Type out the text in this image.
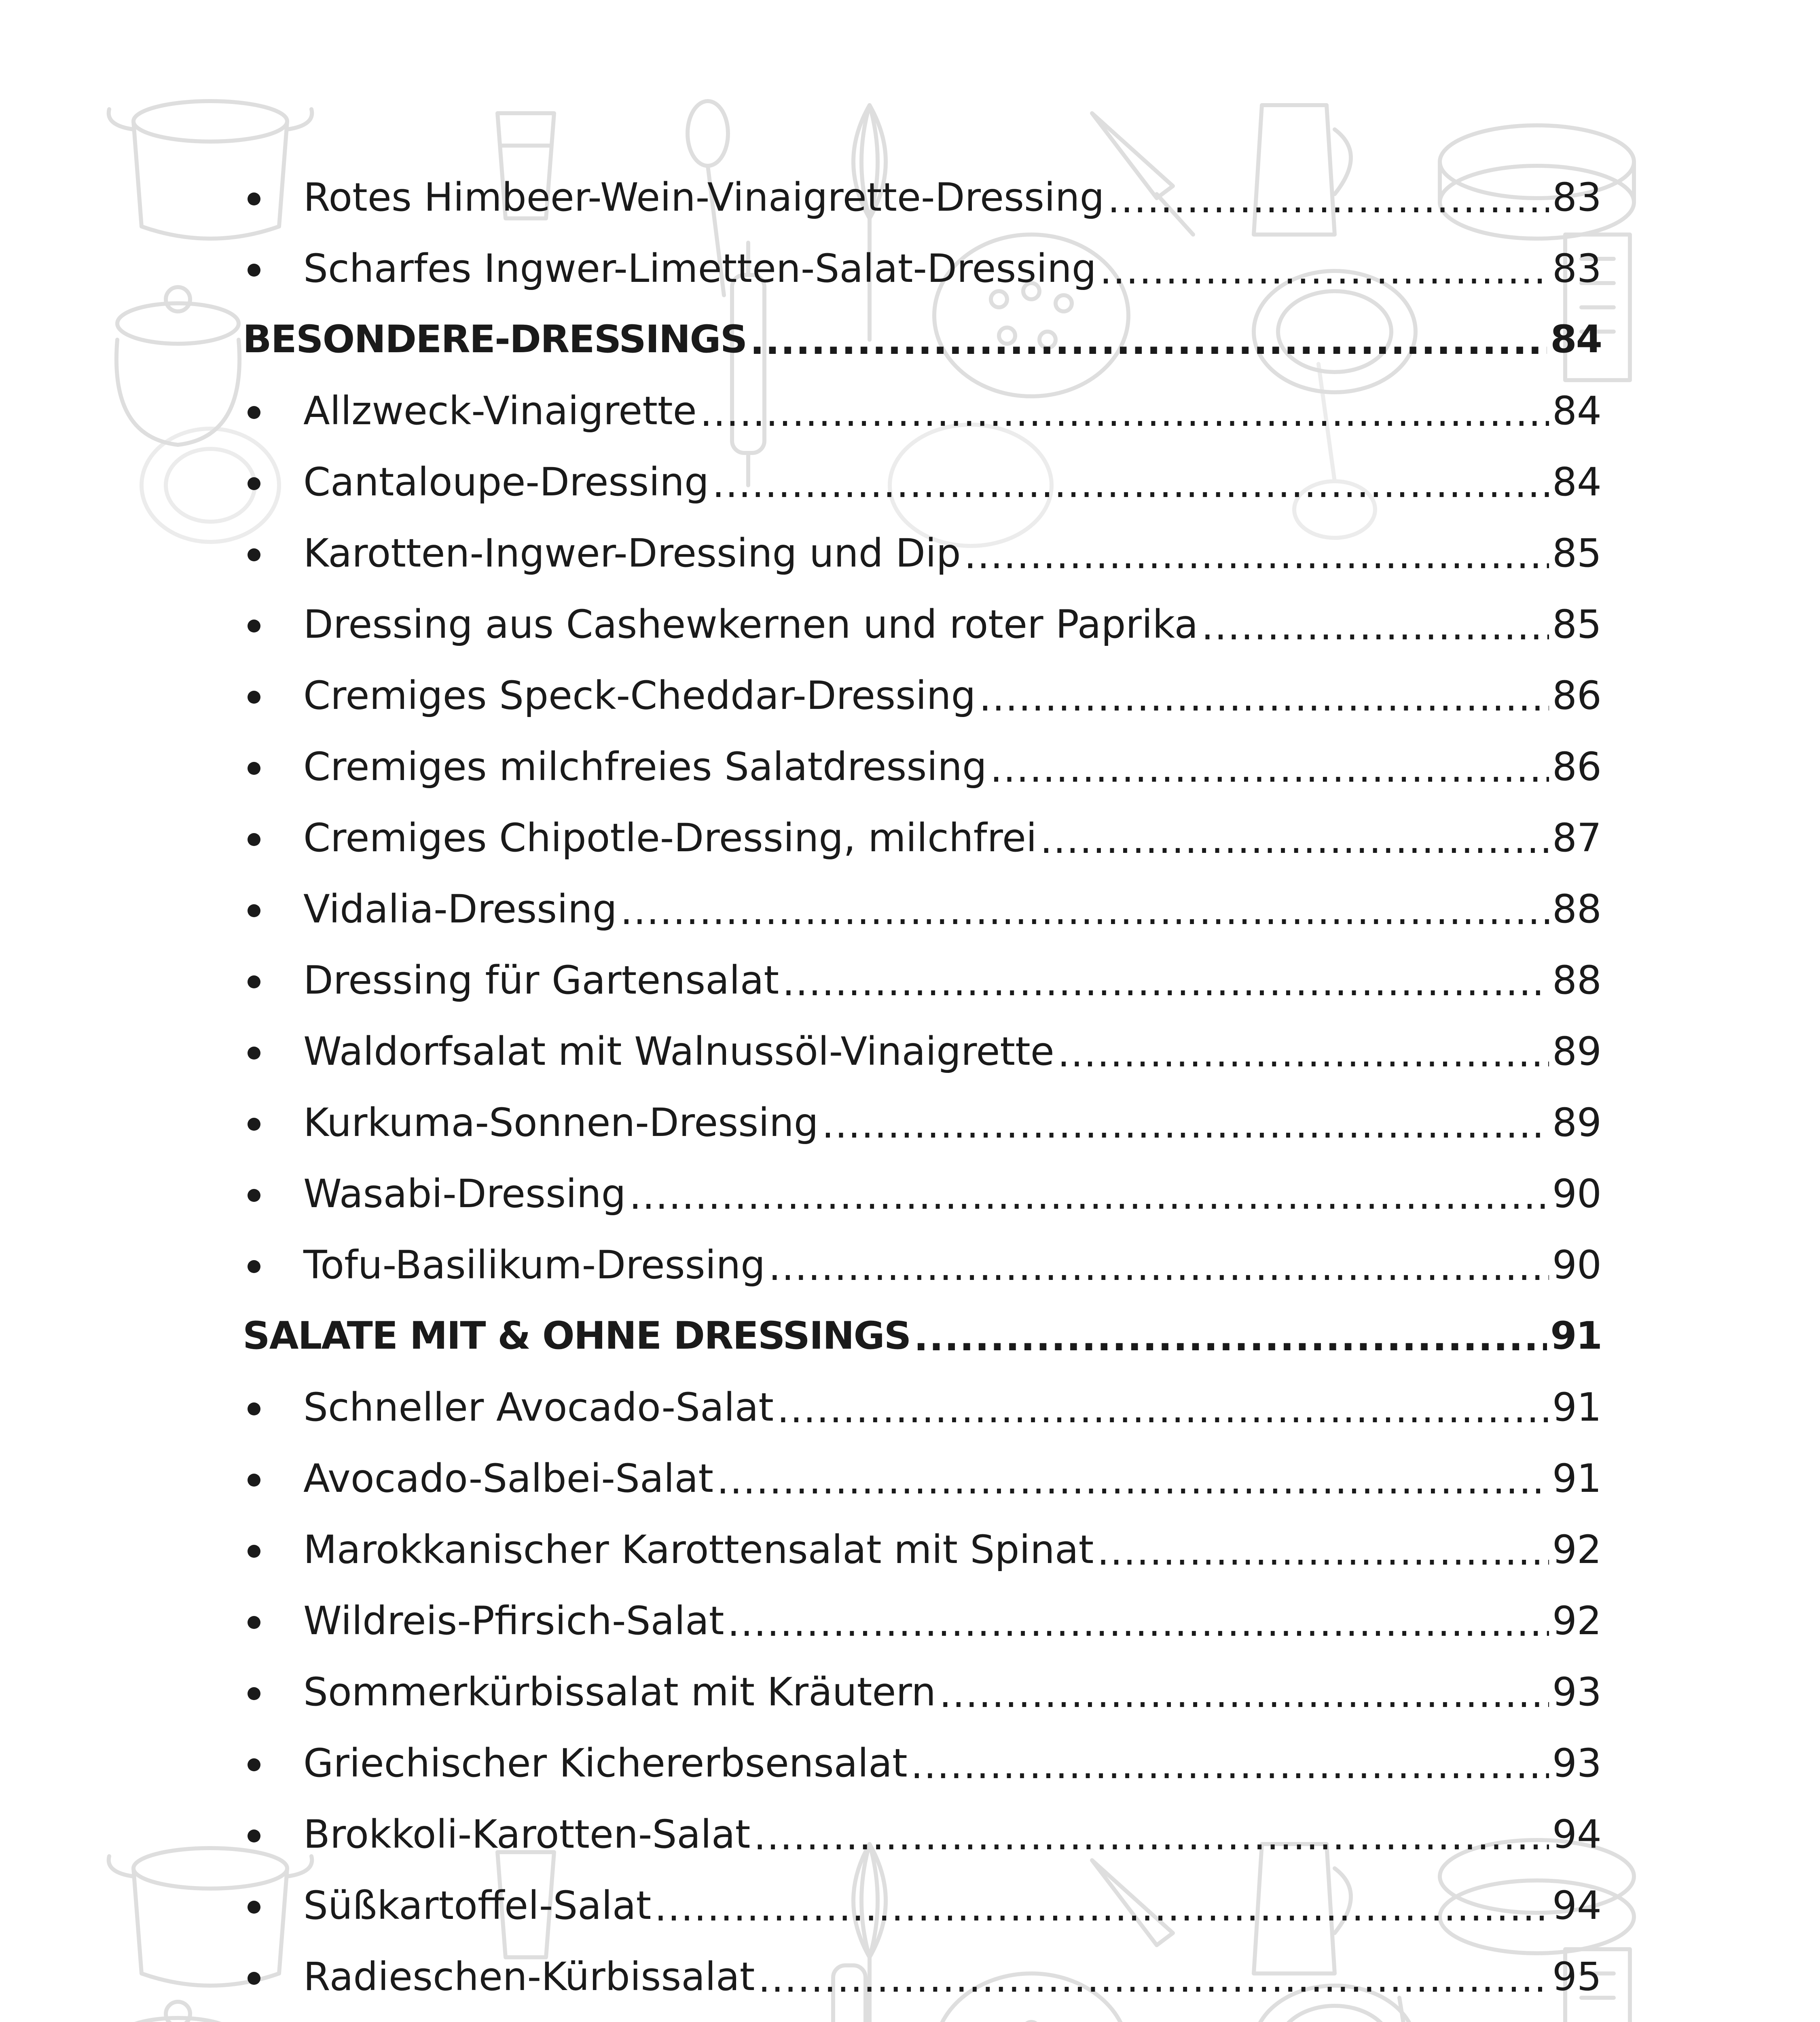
Rotes Himbeer-Wein-Vinaigrette-Dressing .....	83
Scharfes Ingwer-Limetten-Salat-Dressing .....	83
BESONDERE-DRESSINGS .....	84
Allzweck-Vinaigrette .....	84
Cantaloupe-Dressing .....	84
Karotten-Ingwer-Dressing und Dip .....	85
Dressing aus Cashewkernen und roter Paprika .....	85
Cremiges Speck-Cheddar-Dressing .....	86
Cremiges milchfreies Salatdressing .....	86
Cremiges Chipotle-Dressing, milchfrei .....	87
Vidalia-Dressing .....	88
Dressing für Gartensalat .....	88
Waldorfsalat mit Walnussöl-Vinaigrette .....	89
Kurkuma-Sonnen-Dressing .....	89
Wasabi-Dressing .....	90
Tofu-Basilikum-Dressing .....	90
SALATE MIT & OHNE DRESSINGS .....	91
Schneller Avocado-Salat .....	91
Avocado-Salbei-Salat .....	91
Marokkanischer Karottensalat mit Spinat .....	92
Wildreis-Pfirsich-Salat .....	92
Sommerkürbissalat mit Kräutern .....	93
Griechischer Kichererbsensalat .....	93
Brokkoli-Karotten-Salat .....	94
Süßkartoffel-Salat .....	94
Radieschen-Kürbissalat .....	95
